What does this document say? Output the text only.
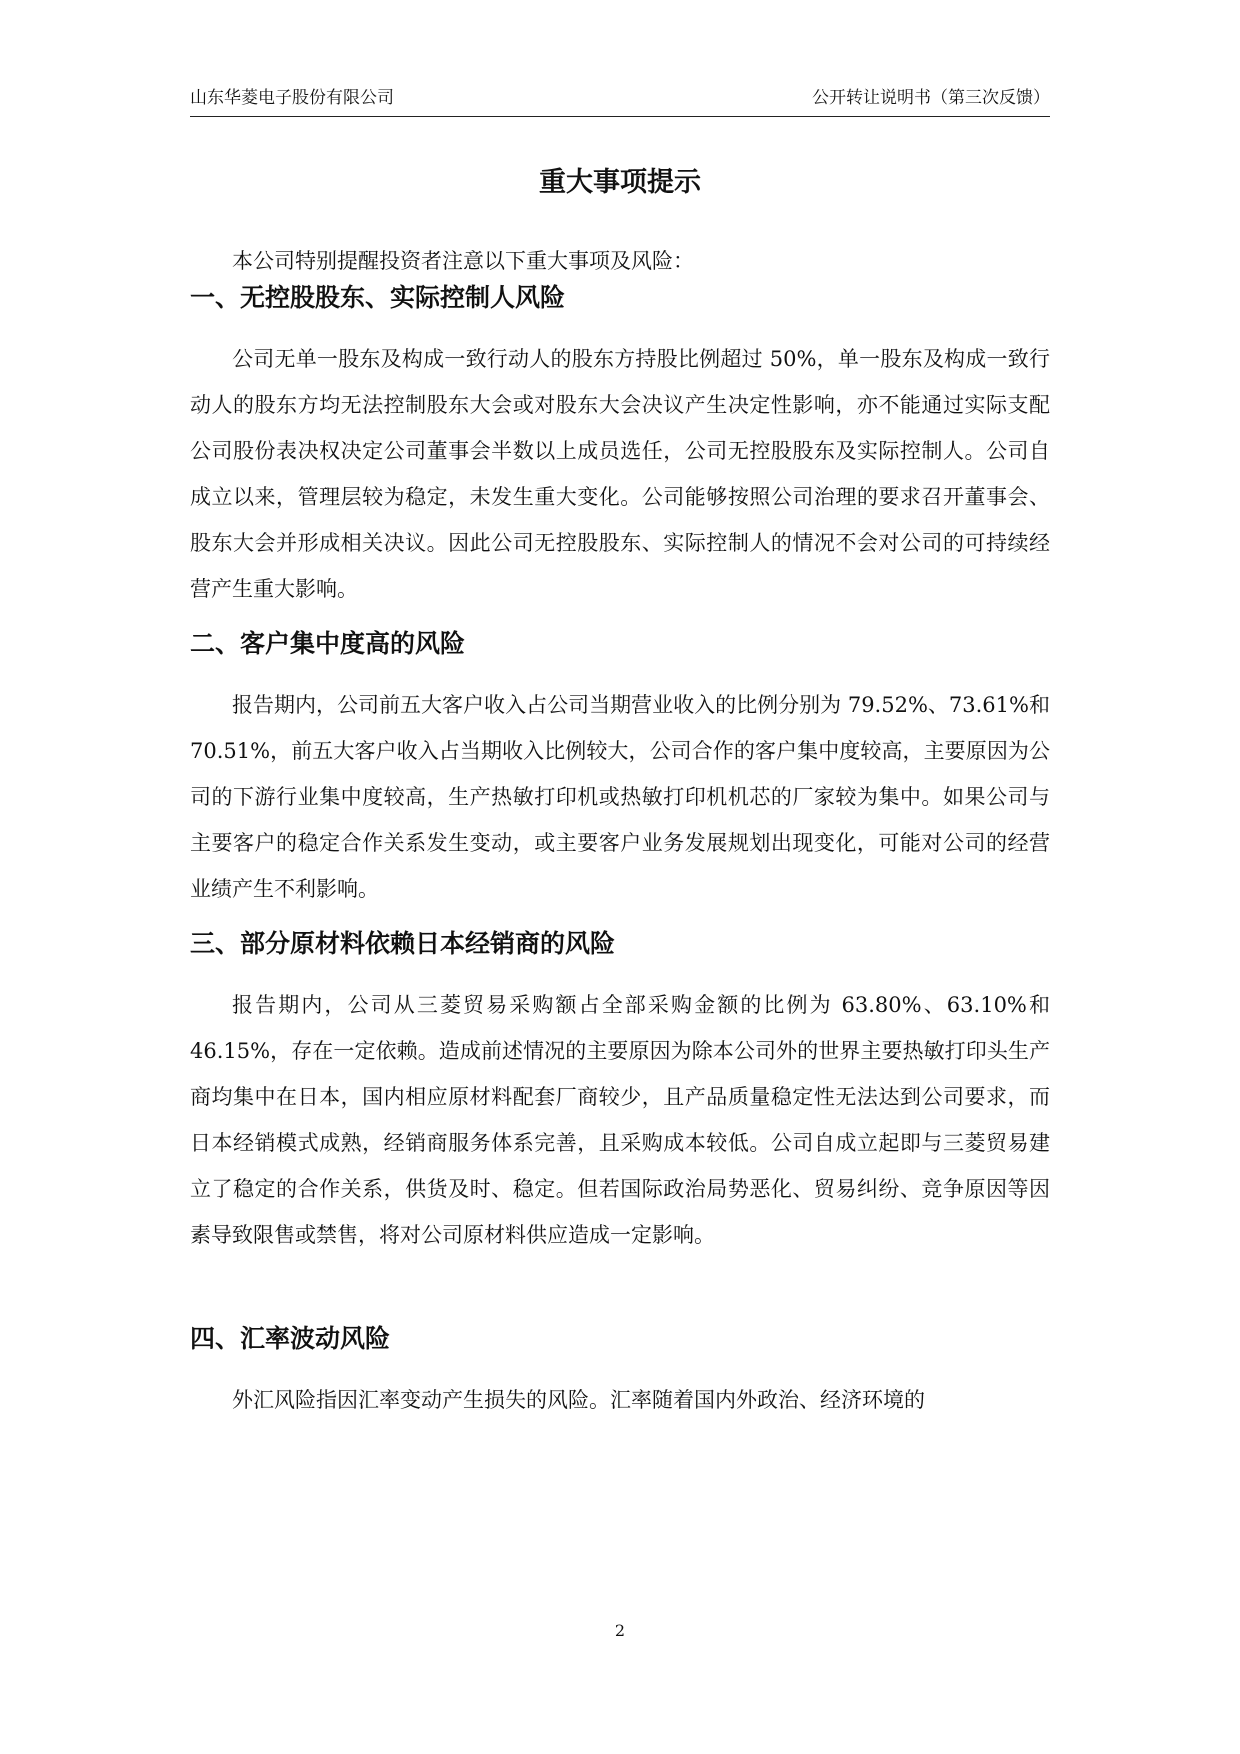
山东华菱电子股份有限公司	公开转让说明书（第三次反馈）
重大事项提示

本公司特别提醒投资者注意以下重大事项及风险：

一、无控股股东、实际控制人风险

公司无单一股东及构成一致行动人的股东方持股比例超过 50%，单一股东及构成一致行动人的股东方均无法控制股东大会或对股东大会决议产生决定性影响，亦不能通过实际支配公司股份表决权决定公司董事会半数以上成员选任，公司无控股股东及实际控制人。公司自成立以来，管理层较为稳定，未发生重大变化。公司能够按照公司治理的要求召开董事会、股东大会并形成相关决议。因此公司无控股股东、实际控制人的情况不会对公司的可持续经营产生重大影响。

二、客户集中度高的风险

报告期内，公司前五大客户收入占公司当期营业收入的比例分别为 79.52%、73.61%和 70.51%，前五大客户收入占当期收入比例较大，公司合作的客户集中度较高，主要原因为公司的下游行业集中度较高，生产热敏打印机或热敏打印机机芯的厂家较为集中。如果公司与主要客户的稳定合作关系发生变动，或主要客户业务发展规划出现变化，可能对公司的经营业绩产生不利影响。

三、部分原材料依赖日本经销商的风险

报告期内，公司从三菱贸易采购额占全部采购金额的比例为 63.80%、63.10%和 46.15%，存在一定依赖。造成前述情况的主要原因为除本公司外的世界主要热敏打印头生产商均集中在日本，国内相应原材料配套厂商较少，且产品质量稳定性无法达到公司要求，而日本经销模式成熟，经销商服务体系完善，且采购成本较低。公司自成立起即与三菱贸易建立了稳定的合作关系，供货及时、稳定。但若国际政治局势恶化、贸易纠纷、竞争原因等因素导致限售或禁售，将对公司原材料供应造成一定影响。

四、汇率波动风险

外汇风险指因汇率变动产生损失的风险。汇率随着国内外政治、经济环境的

2
